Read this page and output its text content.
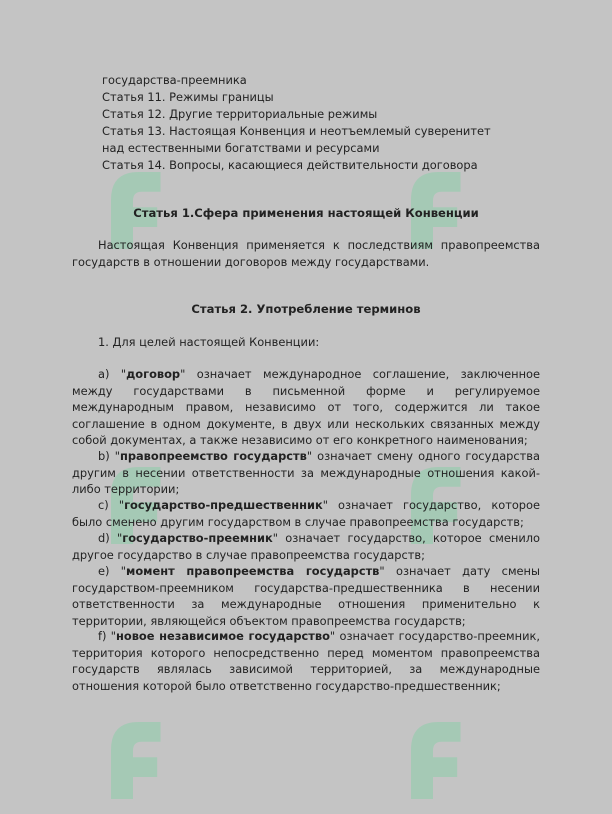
государства-преемника
Статья 11. Режимы границы
Статья 12. Другие территориальные режимы
Статья 13. Настоящая Конвенция и неотъемлемый суверенитет
над естественными богатствами и ресурсами
Статья 14. Вопросы, касающиеся действительности договора
Статья 1.Сфера применения настоящей Конвенции
Настоящая Конвенция применяется к последствиям правопреемства государств в отношении договоров между государствами.
Статья 2. Употребление терминов
1. Для целей настоящей Конвенции:
a) "договор" означает международное соглашение, заключенное между государствами в письменной форме и регулируемое международным правом, независимо от того, содержится ли такое соглашение в одном документе, в двух или нескольких связанных между собой документах, а также независимо от его конкретного наименования;
b) "правопреемство государств" означает смену одного государства другим в несении ответственности за международные отношения какой-либо территории;
c) "государство-предшественник" означает государство, которое было сменено другим государством в случае правопреемства государств;
d) "государство-преемник" означает государство, которое сменило другое государство в случае правопреемства государств;
e) "момент правопреемства государств" означает дату смены государством-преемником государства-предшественника в несении ответственности за международные отношения применительно к территории, являющейся объектом правопреемства государств;
f) "новое независимое государство" означает государство-преемник, территория которого непосредственно перед моментом правопреемства государств являлась зависимой территорией, за международные отношения которой было ответственно государство-предшественник;
